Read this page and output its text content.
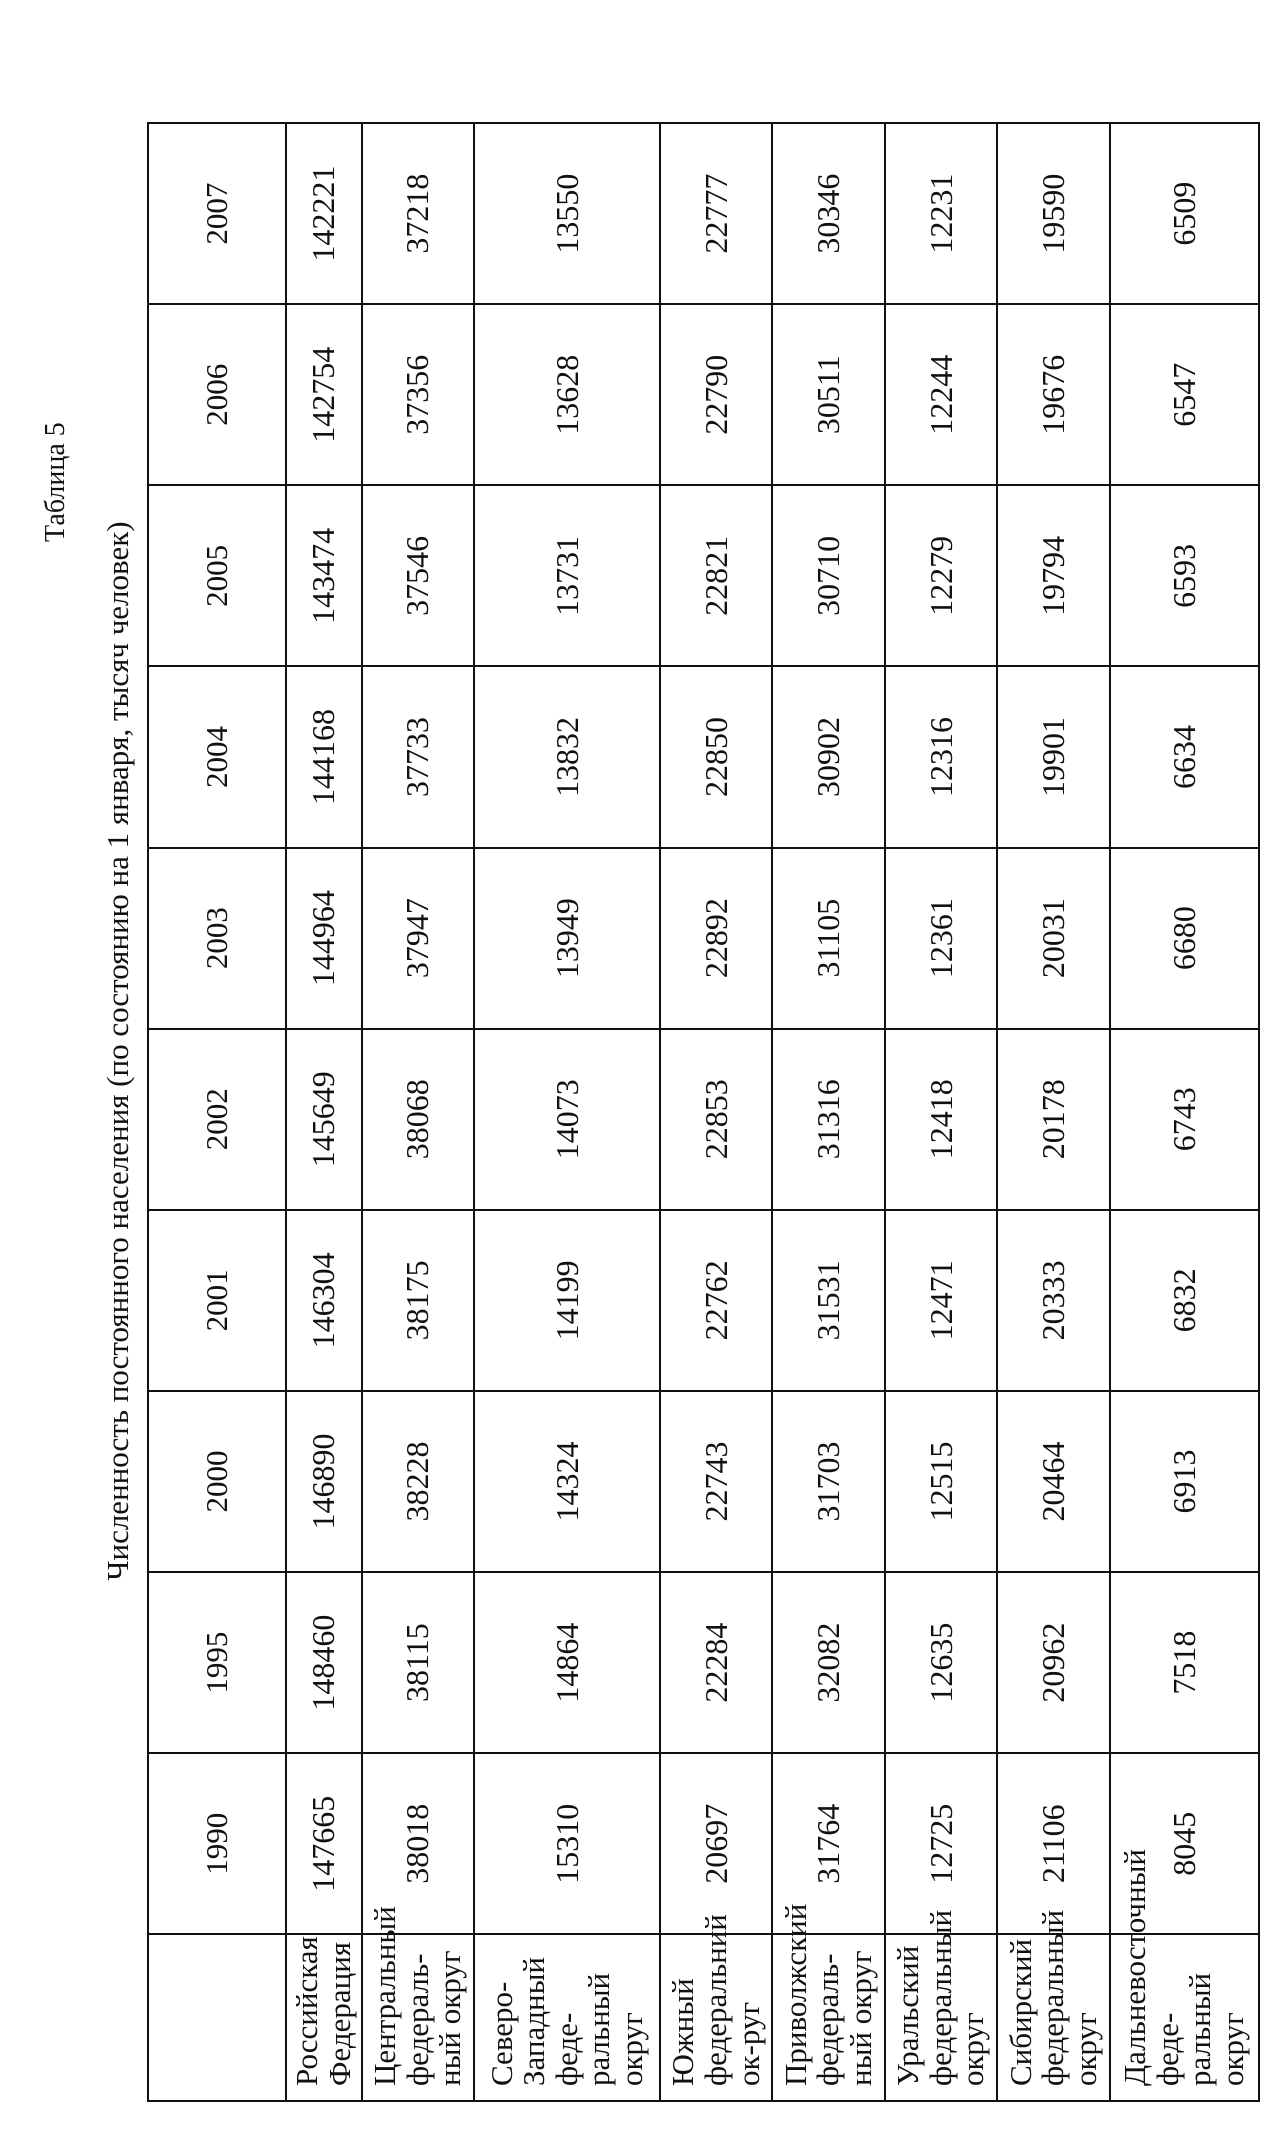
Таблица 5
Численность постоянного населения (по состоянию на 1 января, тысяч человек)
	1990	1995	2000	2001	2002	2003	2004	2005	2006	2007
Российская Федерация	147665	148460	146890	146304	145649	144964	144168	143474	142754	142221
Центральный федераль-ный округ	38018	38115	38228	38175	38068	37947	37733	37546	37356	37218
Северо-Западный феде-ральный округ	15310	14864	14324	14199	14073	13949	13832	13731	13628	13550
Южный федеральний ок-руг	20697	22284	22743	22762	22853	22892	22850	22821	22790	22777
Приволжский федераль-ный округ	31764	32082	31703	31531	31316	31105	30902	30710	30511	30346
Уральский федеральный округ	12725	12635	12515	12471	12418	12361	12316	12279	12244	12231
Сибирский федеральный округ	21106	20962	20464	20333	20178	20031	19901	19794	19676	19590
Дальневосточный феде-ральный округ	8045	7518	6913	6832	6743	6680	6634	6593	6547	6509
